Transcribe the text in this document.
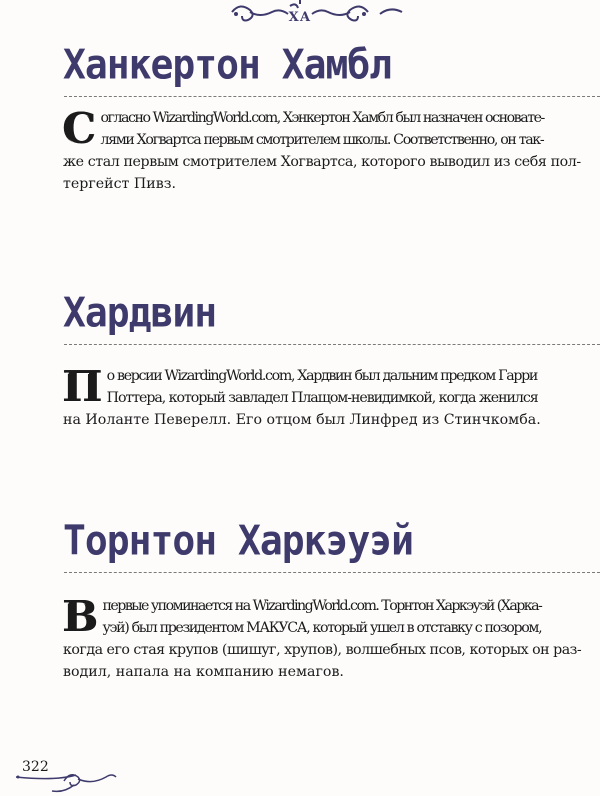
ХА
Ханкертон Хамбл
С огласно WizardingWorld.com, Хэнкертон Хамбл был назначен основате-
лями Хогвартса первым смотрителем школы. Соответственно, он так-
же стал первым смотрителем Хогвартса, которого выводил из себя пол-
тергейст Пивз.
Хардвин
П о версии WizardingWorld.com, Хардвин был дальним предком Гарри
Поттера, который завладел Плащом-невидимкой, когда женился
на Иоланте Певерелл. Его отцом был Линфред из Стинчкомба.
Торнтон Харкэуэй
В первые упоминается на WizardingWorld.com. Торнтон Харкэуэй (Харка-
уэй) был президентом МАКУСА, который ушел в отставку с позором,
когда его стая крупов (шишуг, хрупов), волшебных псов, которых он раз-
водил, напала на компанию немагов.
322
